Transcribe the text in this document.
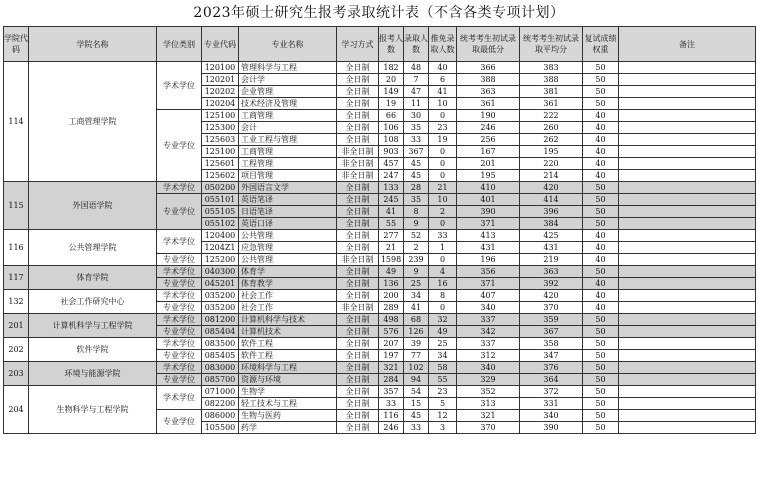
2023年硕士研究生报考录取统计表（不含各类专项计划）
学院代码	学院名称	学位类别	专业代码	专业名称	学习方式	报考人数	录取人数	推免录取人数	统考考生初试录取最低分	统考考生初试录取平均分	复试成绩权重	备注
114	工商管理学院	学术学位	120100	管理科学与工程	全日制	182	48	40	366	383	50	
			120201	会计学	全日制	20	7	6	388	388	50	
			120202	企业管理	全日制	149	47	41	363	381	50	
			120204	技术经济及管理	全日制	19	11	10	361	361	50	
		专业学位	125100	工商管理	全日制	66	30	0	190	222	40	
			125300	会计	全日制	106	35	23	246	260	40	
			125603	工业工程与管理	全日制	108	33	19	256	262	40	
			125100	工商管理	非全日制	903	367	0	167	195	40	
			125601	工程管理	非全日制	457	45	0	201	220	40	
			125602	项目管理	非全日制	247	45	0	195	214	40	
115	外国语学院	学术学位	050200	外国语言文学	全日制	133	28	21	410	420	50	
		专业学位	055101	英语笔译	全日制	245	35	10	401	414	50	
			055105	日语笔译	全日制	41	8	2	390	396	50	
			055102	英语口译	全日制	55	9	0	371	384	50	
116	公共管理学院	学术学位	120400	公共管理	全日制	277	52	33	413	425	40	
			1204Z1	应急管理	全日制	21	2	1	431	431	40	
		专业学位	125200	公共管理	非全日制	1598	239	0	196	219	40	
117	体育学院	学术学位	040300	体育学	全日制	49	9	4	356	363	50	
		专业学位	045201	体育教学	全日制	136	25	16	371	392	40	
132	社会工作研究中心	学术学位	035200	社会工作	全日制	200	34	8	407	420	40	
		专业学位	035200	社会工作	非全日制	289	41	0	340	370	40	
201	计算机科学与工程学院	学术学位	081200	计算机科学与技术	全日制	498	68	32	337	359	50	
		专业学位	085404	计算机技术	全日制	576	126	49	342	367	50	
202	软件学院	学术学位	083500	软件工程	全日制	207	39	25	337	358	50	
		专业学位	085405	软件工程	全日制	197	77	34	312	347	50	
203	环境与能源学院	学术学位	083000	环境科学与工程	全日制	321	102	58	340	376	50	
		专业学位	085700	资源与环境	全日制	284	94	55	329	364	50	
204	生物科学与工程学院	学术学位	071000	生物学	全日制	357	54	23	352	372	50	
			082200	轻工技术与工程	全日制	33	15	5	313	331	50	
		专业学位	086000	生物与医药	全日制	116	45	12	321	340	50	
			105500	药学	全日制	246	33	3	370	390	50	
